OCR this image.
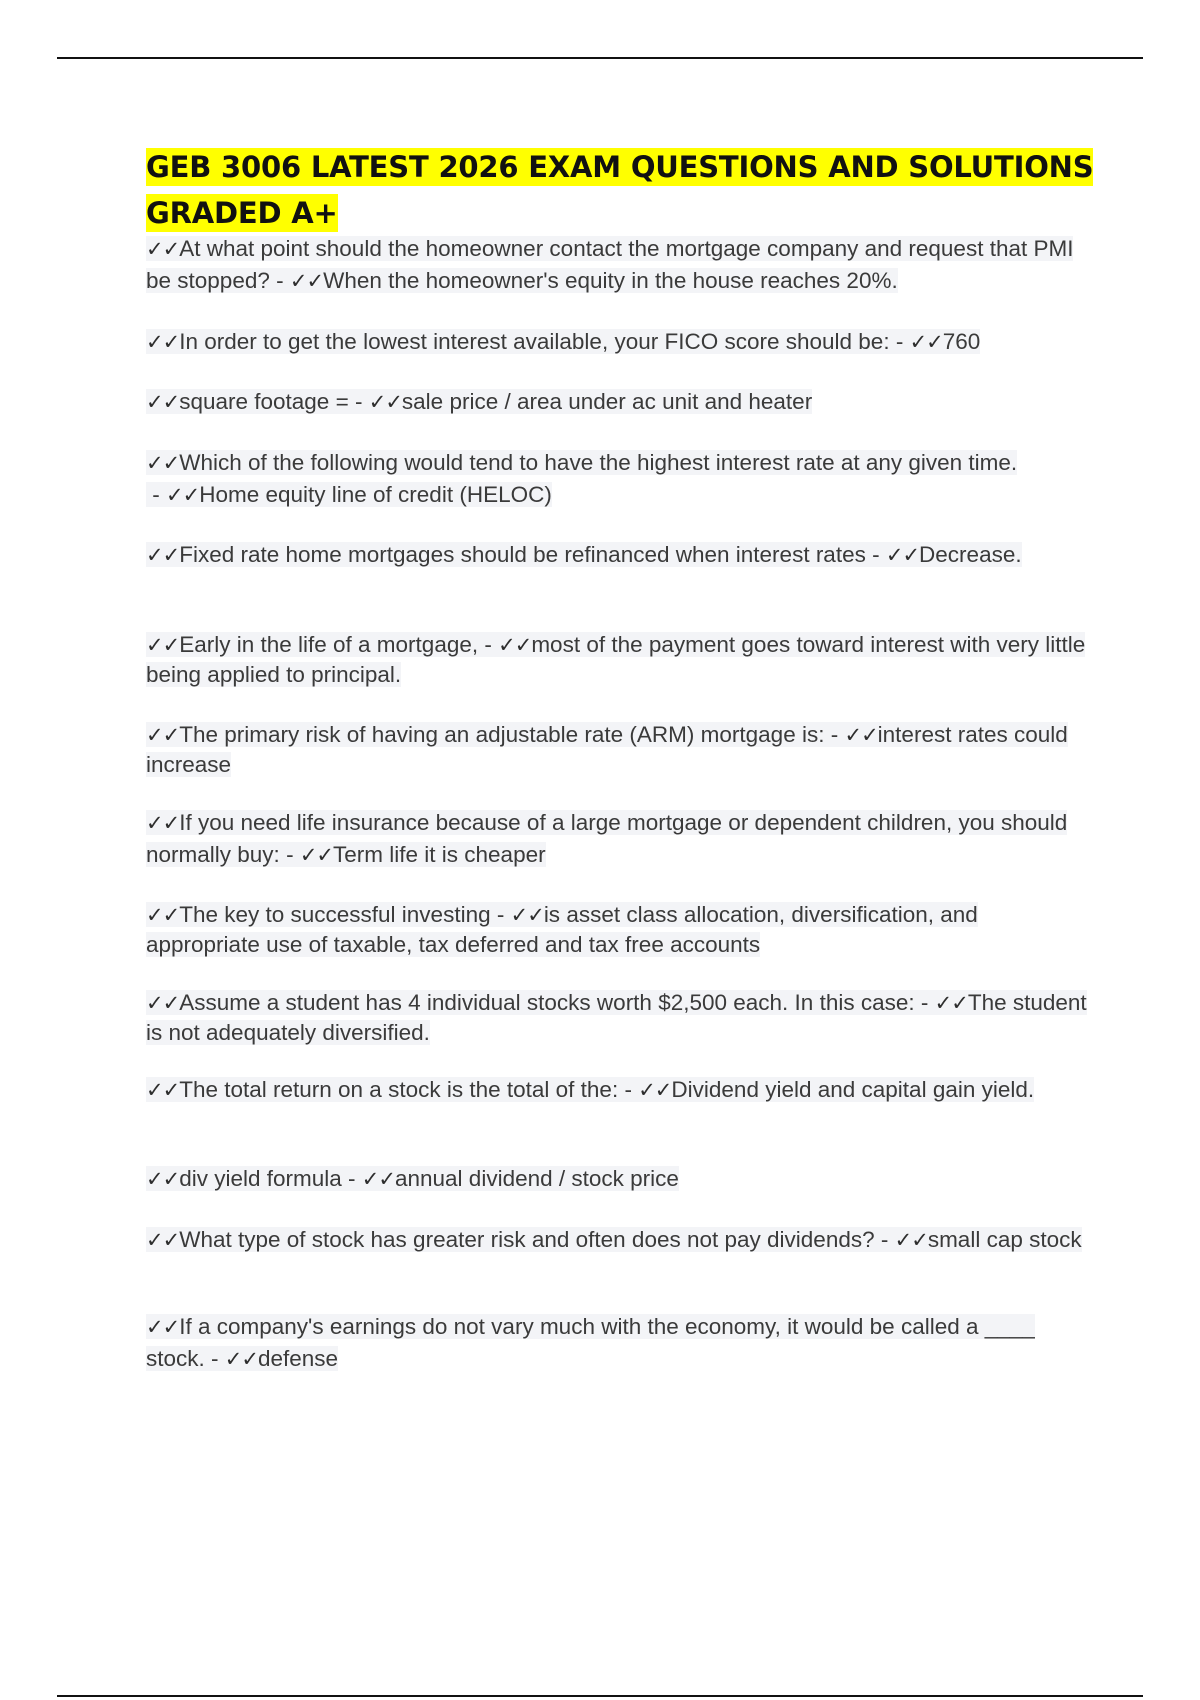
GEB 3006 LATEST 2026 EXAM QUESTIONS AND SOLUTIONS GRADED A+

✓✓At what point should the homeowner contact the mortgage company and request that PMI be stopped? - ✓✓When the homeowner's equity in the house reaches 20%.

✓✓In order to get the lowest interest available, your FICO score should be: - ✓✓760

✓✓square footage = - ✓✓sale price / area under ac unit and heater

✓✓Which of the following would tend to have the highest interest rate at any given time. - ✓✓Home equity line of credit (HELOC)

✓✓Fixed rate home mortgages should be refinanced when interest rates - ✓✓Decrease.

✓✓Early in the life of a mortgage, - ✓✓most of the payment goes toward interest with very little being applied to principal.

✓✓The primary risk of having an adjustable rate (ARM) mortgage is: - ✓✓interest rates could increase

✓✓If you need life insurance because of a large mortgage or dependent children, you should normally buy: - ✓✓Term life it is cheaper

✓✓The key to successful investing - ✓✓is asset class allocation, diversification, and appropriate use of taxable, tax deferred and tax free accounts

✓✓Assume a student has 4 individual stocks worth $2,500 each. In this case: - ✓✓The student is not adequately diversified.

✓✓The total return on a stock is the total of the: - ✓✓Dividend yield and capital gain yield.

✓✓div yield formula - ✓✓annual dividend / stock price

✓✓What type of stock has greater risk and often does not pay dividends? - ✓✓small cap stock

✓✓If a company's earnings do not vary much with the economy, it would be called a ____ stock. - ✓✓defense
